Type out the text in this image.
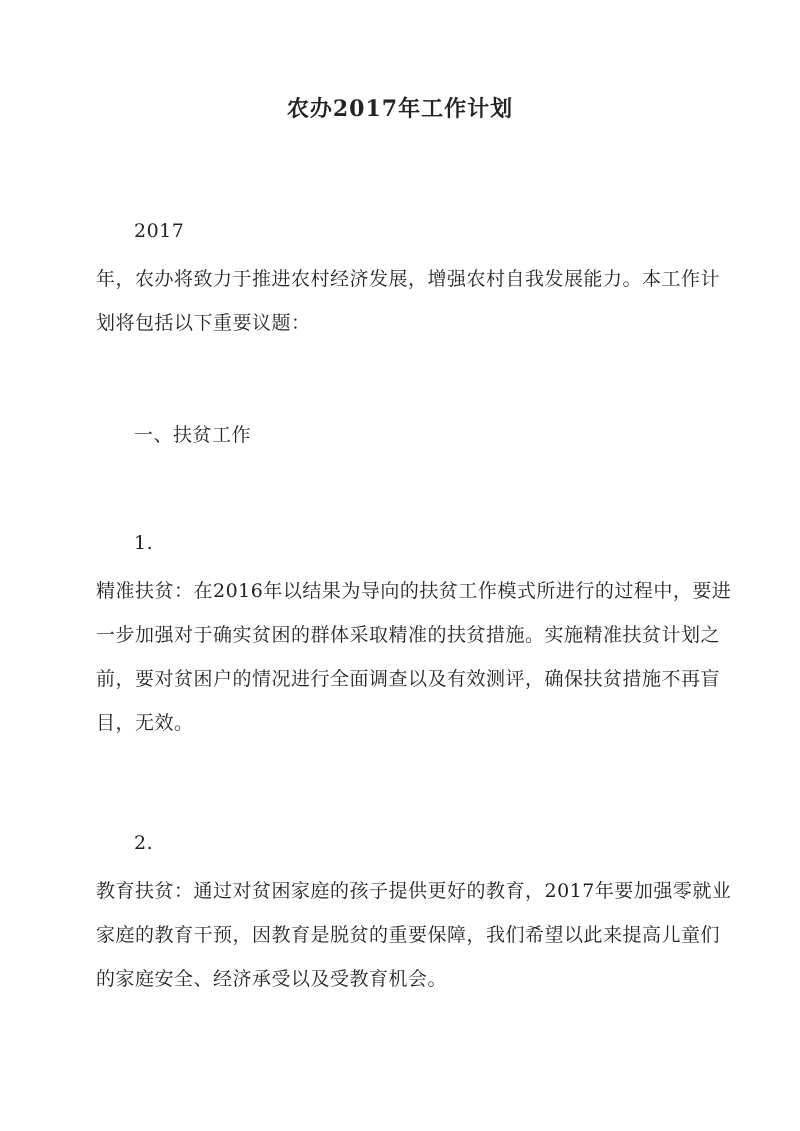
农办2017年工作计划
2017
年，农办将致力于推进农村经济发展，增强农村自我发展能力。本工作计
划将包括以下重要议题：
一、扶贫工作
1.
精准扶贫：在2016年以结果为导向的扶贫工作模式所进行的过程中，要进
一步加强对于确实贫困的群体采取精准的扶贫措施。实施精准扶贫计划之
前，要对贫困户的情况进行全面调查以及有效测评，确保扶贫措施不再盲
目，无效。
2.
教育扶贫：通过对贫困家庭的孩子提供更好的教育，2017年要加强零就业
家庭的教育干预，因教育是脱贫的重要保障，我们希望以此来提高儿童们
的家庭安全、经济承受以及受教育机会。
